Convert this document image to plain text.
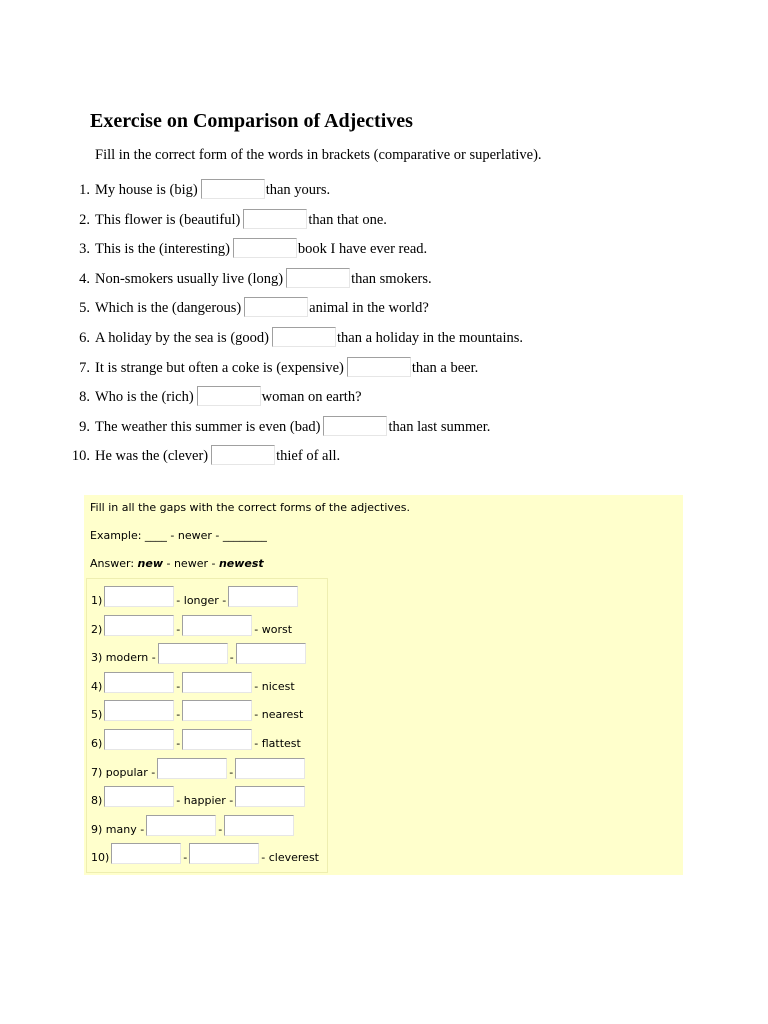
Exercise on Comparison of Adjectives
Fill in the correct form of the words in brackets (comparative or superlative).
1. My house is (big)	than yours.
2. This flower is (beautiful)	than that one.
3. This is the (interesting)	book I have ever read.
4. Non-smokers usually live (long)	than smokers.
5. Which is the (dangerous)	animal in the world?
6. A holiday by the sea is (good)	than a holiday in the mountains.
7. It is strange but often a coke is (expensive)	than a beer.
8. Who is the (rich)	woman on earth?
9. The weather this summer is even (bad)	than last summer.
10. He was the (clever)	thief of all.
Fill in all the gaps with the correct forms of the adjectives.
Example: ____ - newer - ________
Answer: new - newer - newest
1)	- longer -
2)	-	- worst
3) modern -	-
4)	-	- nicest
5)	-	- nearest
6)	-	- flattest
7) popular -	-
8)	- happier -
9) many -	-
10)	-	- cleverest
